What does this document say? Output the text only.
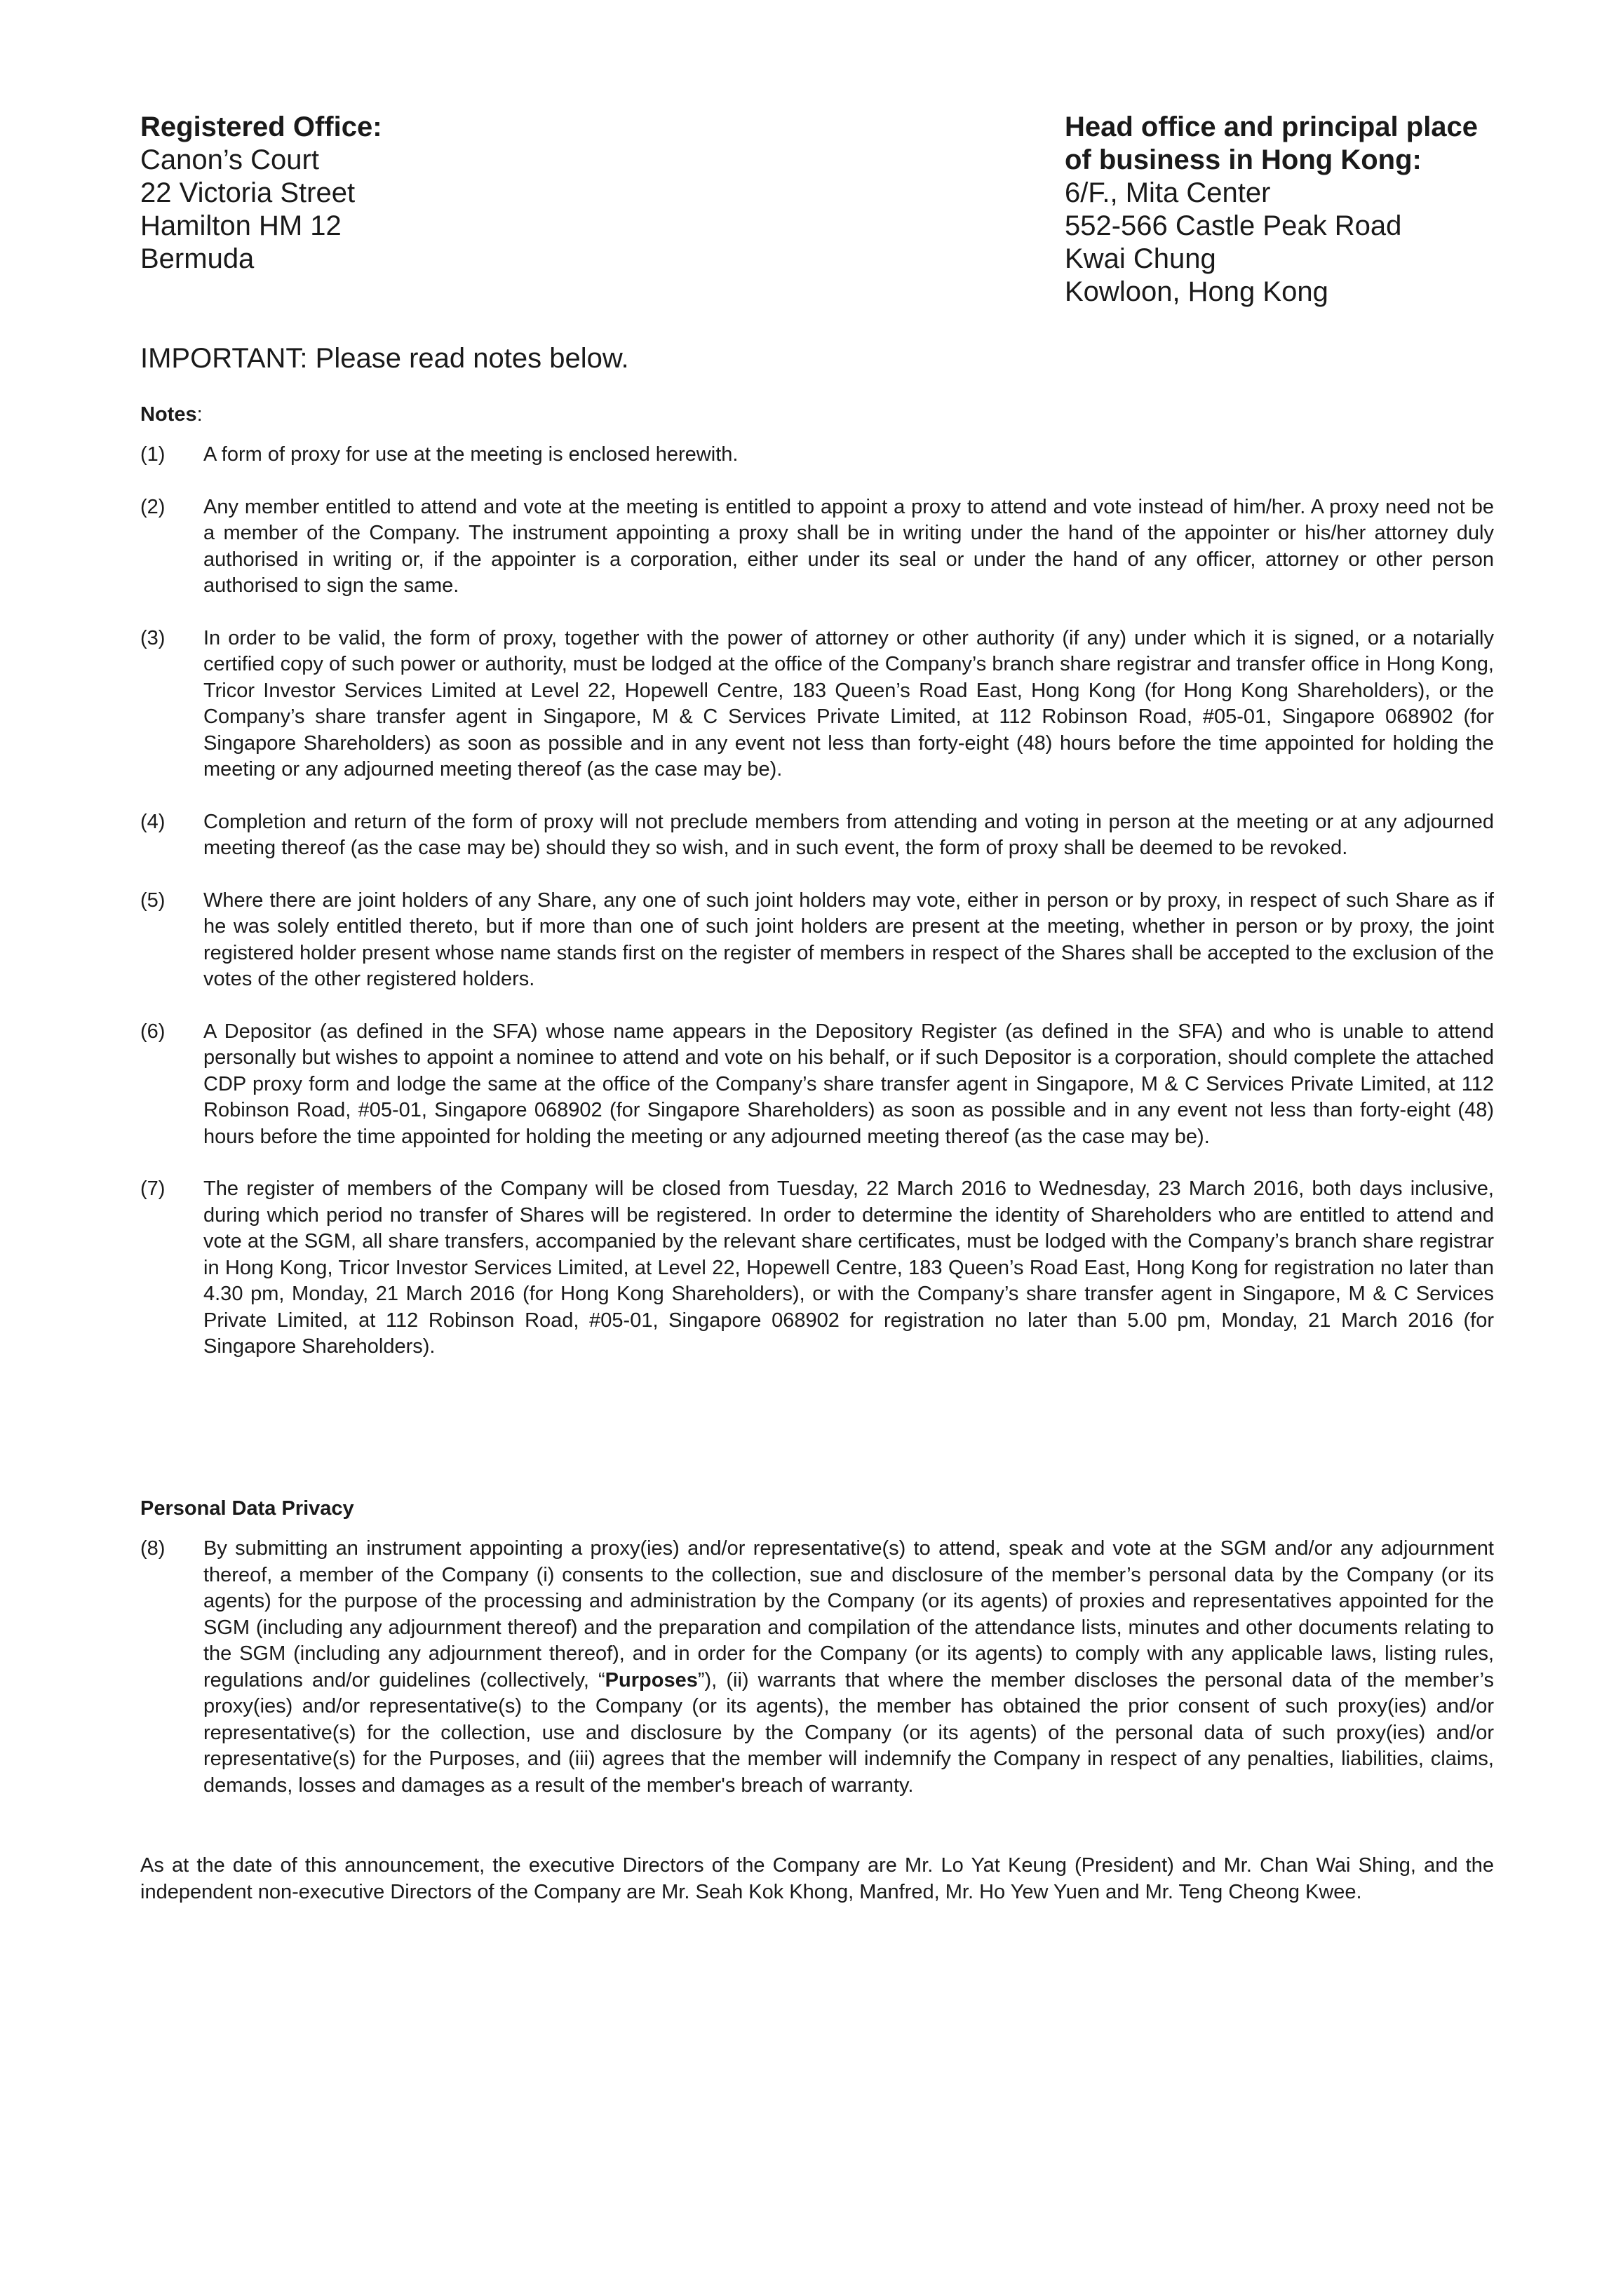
Registered Office:
Canon’s Court
22 Victoria Street
Hamilton HM 12
Bermuda
Head office and principal place
of business in Hong Kong:
6/F., Mita Center
552-566 Castle Peak Road
Kwai Chung
Kowloon, Hong Kong
IMPORTANT: Please read notes below.
Notes:
(1)	A form of proxy for use at the meeting is enclosed herewith.
(2)	Any member entitled to attend and vote at the meeting is entitled to appoint a proxy to attend and vote instead of him/her. A proxy need not be a member of the Company. The instrument appointing a proxy shall be in writing under the hand of the appointer or his/her attorney duly authorised in writing or, if the appointer is a corporation, either under its seal or under the hand of any officer, attorney or other person authorised to sign the same.
(3)	In order to be valid, the form of proxy, together with the power of attorney or other authority (if any) under which it is signed, or a notarially certified copy of such power or authority, must be lodged at the office of the Company’s branch share registrar and transfer office in Hong Kong, Tricor Investor Services Limited at Level 22, Hopewell Centre, 183 Queen’s Road East, Hong Kong (for Hong Kong Shareholders), or the Company’s share transfer agent in Singapore, M & C Services Private Limited, at 112 Robinson Road, #05-01, Singapore 068902 (for Singapore Shareholders) as soon as possible and in any event not less than forty-eight (48) hours before the time appointed for holding the meeting or any adjourned meeting thereof (as the case may be).
(4)	Completion and return of the form of proxy will not preclude members from attending and voting in person at the meeting or at any adjourned meeting thereof (as the case may be) should they so wish, and in such event, the form of proxy shall be deemed to be revoked.
(5)	Where there are joint holders of any Share, any one of such joint holders may vote, either in person or by proxy, in respect of such Share as if he was solely entitled thereto, but if more than one of such joint holders are present at the meeting, whether in person or by proxy, the joint registered holder present whose name stands first on the register of members in respect of the Shares shall be accepted to the exclusion of the votes of the other registered holders.
(6)	A Depositor (as defined in the SFA) whose name appears in the Depository Register (as defined in the SFA) and who is unable to attend personally but wishes to appoint a nominee to attend and vote on his behalf, or if such Depositor is a corporation, should complete the attached CDP proxy form and lodge the same at the office of the Company’s share transfer agent in Singapore, M & C Services Private Limited, at 112 Robinson Road, #05-01, Singapore 068902 (for Singapore Shareholders) as soon as possible and in any event not less than forty-eight (48) hours before the time appointed for holding the meeting or any adjourned meeting thereof (as the case may be).
(7)	The register of members of the Company will be closed from Tuesday, 22 March 2016 to Wednesday, 23 March 2016, both days inclusive, during which period no transfer of Shares will be registered. In order to determine the identity of Shareholders who are entitled to attend and vote at the SGM, all share transfers, accompanied by the relevant share certificates, must be lodged with the Company’s branch share registrar in Hong Kong, Tricor Investor Services Limited, at Level 22, Hopewell Centre, 183 Queen’s Road East, Hong Kong for registration no later than 4.30 pm, Monday, 21 March 2016 (for Hong Kong Shareholders), or with the Company’s share transfer agent in Singapore, M & C Services Private Limited, at 112 Robinson Road, #05-01, Singapore 068902 for registration no later than 5.00 pm, Monday, 21 March 2016 (for Singapore Shareholders).
Personal Data Privacy
(8)	By submitting an instrument appointing a proxy(ies) and/or representative(s) to attend, speak and vote at the SGM and/or any adjournment thereof, a member of the Company (i) consents to the collection, sue and disclosure of the member’s personal data by the Company (or its agents) for the purpose of the processing and administration by the Company (or its agents) of proxies and representatives appointed for the SGM (including any adjournment thereof) and the preparation and compilation of the attendance lists, minutes and other documents relating to the SGM (including any adjournment thereof), and in order for the Company (or its agents) to comply with any applicable laws, listing rules, regulations and/or guidelines (collectively, “Purposes”), (ii) warrants that where the member discloses the personal data of the member’s proxy(ies) and/or representative(s) to the Company (or its agents), the member has obtained the prior consent of such proxy(ies) and/or representative(s) for the collection, use and disclosure by the Company (or its agents) of the personal data of such proxy(ies) and/or representative(s) for the Purposes, and (iii) agrees that the member will indemnify the Company in respect of any penalties, liabilities, claims, demands, losses and damages as a result of the member's breach of warranty.
As at the date of this announcement, the executive Directors of the Company are Mr. Lo Yat Keung (President) and Mr. Chan Wai Shing, and the independent non-executive Directors of the Company are Mr. Seah Kok Khong, Manfred, Mr. Ho Yew Yuen and Mr. Teng Cheong Kwee.
